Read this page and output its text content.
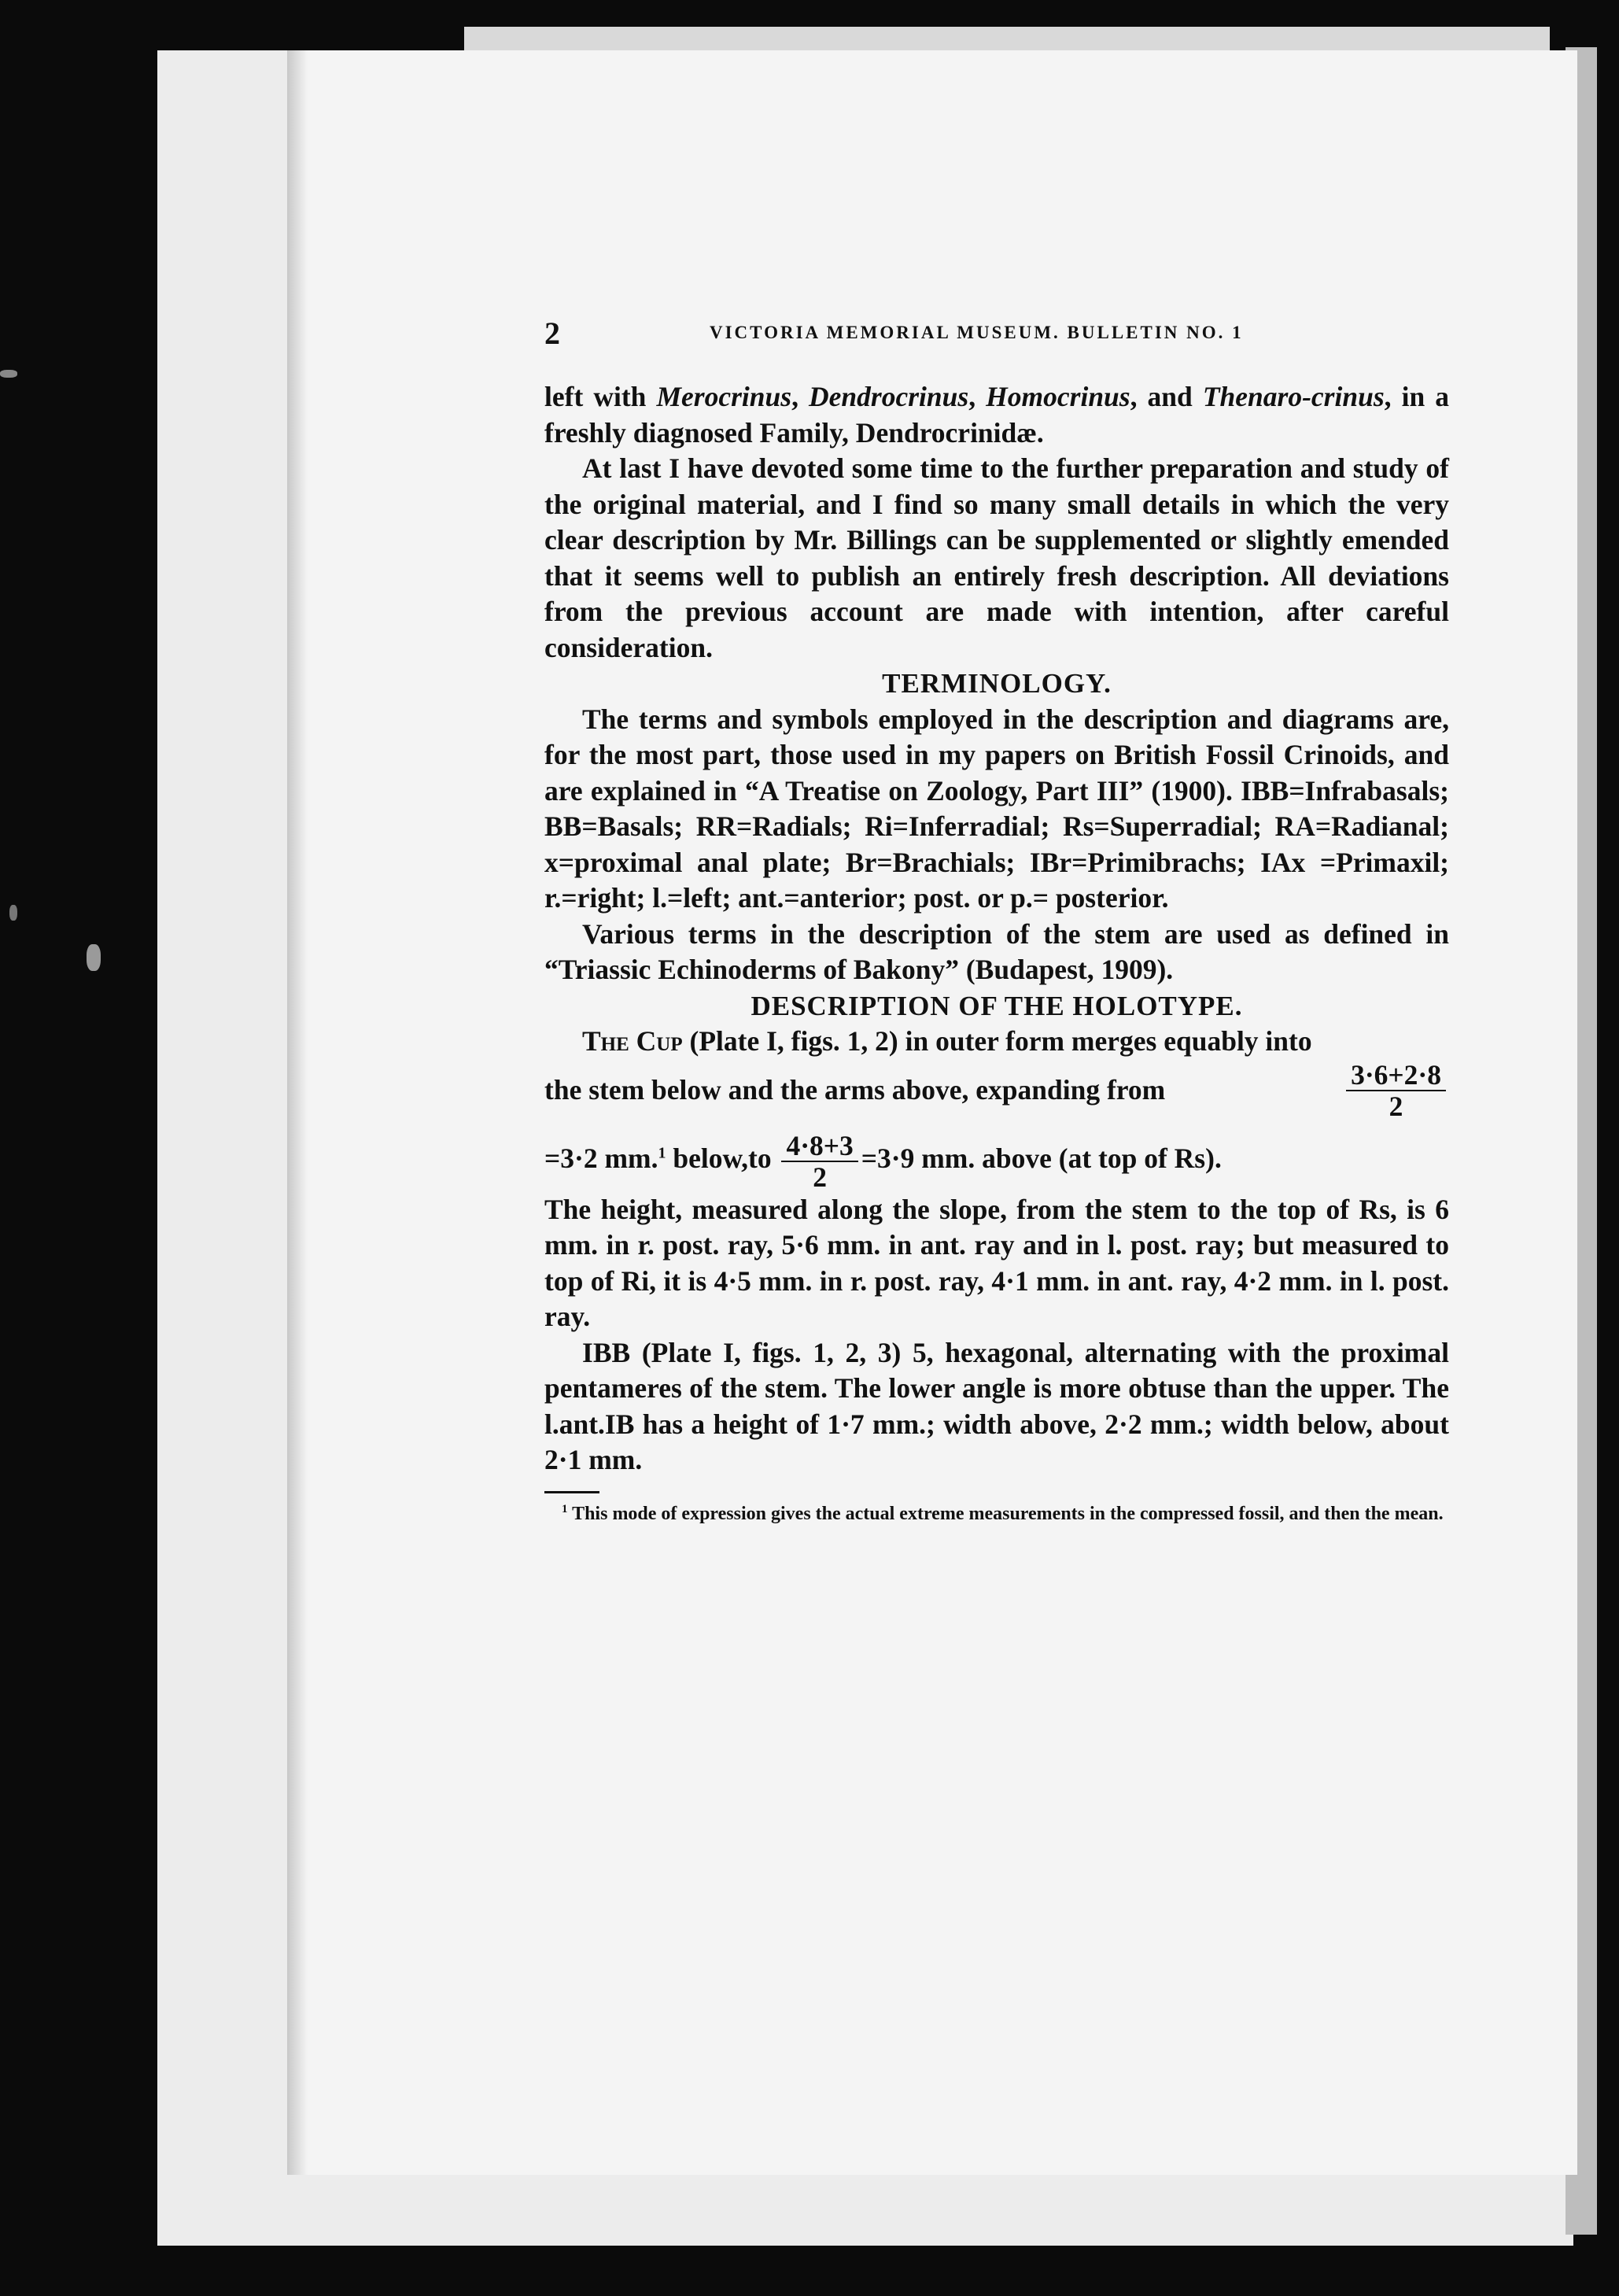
2	VICTORIA MEMORIAL MUSEUM. BULLETIN NO. 1

left with Merocrinus, Dendrocrinus, Homocrinus, and Thenaro-crinus, in a freshly diagnosed Family, Dendrocrinidæ.

At last I have devoted some time to the further preparation and study of the original material, and I find so many small details in which the very clear description by Mr. Billings can be supplemented or slightly emended that it seems well to publish an entirely fresh description. All deviations from the previous account are made with intention, after careful consideration.

TERMINOLOGY.

The terms and symbols employed in the description and diagrams are, for the most part, those used in my papers on British Fossil Crinoids, and are explained in “A Treatise on Zoology, Part III” (1900). IBB=Infrabasals; BB=Basals; RR=Radials; Ri=Inferradial; Rs=Superradial; RA=Radianal; x=proximal anal plate; Br=Brachials; IBr=Primibrachs; IAx =Primaxil; r.=right; l.=left; ant.=anterior; post. or p.= posterior.

Various terms in the description of the stem are used as defined in “Triassic Echinoderms of Bakony” (Budapest, 1909).

DESCRIPTION OF THE HOLOTYPE.

The Cup (Plate I, figs. 1, 2) in outer form merges equably into

the stem below and the arms above, expanding from	$\frac{3\cdot 6+2\cdot 8}{2}$

=3·2 mm.$^1$ below,to $\frac{4\cdot 8+3}{2} =3\cdot 9$ mm. above (at top of Rs).

The height, measured along the slope, from the stem to the top of Rs, is 6 mm. in r. post. ray, 5·6 mm. in ant. ray and in l. post. ray; but measured to top of Ri, it is 4·5 mm. in r. post. ray, 4·1 mm. in ant. ray, 4·2 mm. in l. post. ray.

IBB (Plate I, figs. 1, 2, 3) 5, hexagonal, alternating with the proximal pentameres of the stem. The lower angle is more obtuse than the upper. The l.ant.IB has a height of 1·7 mm.; width above, 2·2 mm.; width below, about 2·1 mm.

$^1$ This mode of expression gives the actual extreme measurements in the compressed fossil, and then the mean.
